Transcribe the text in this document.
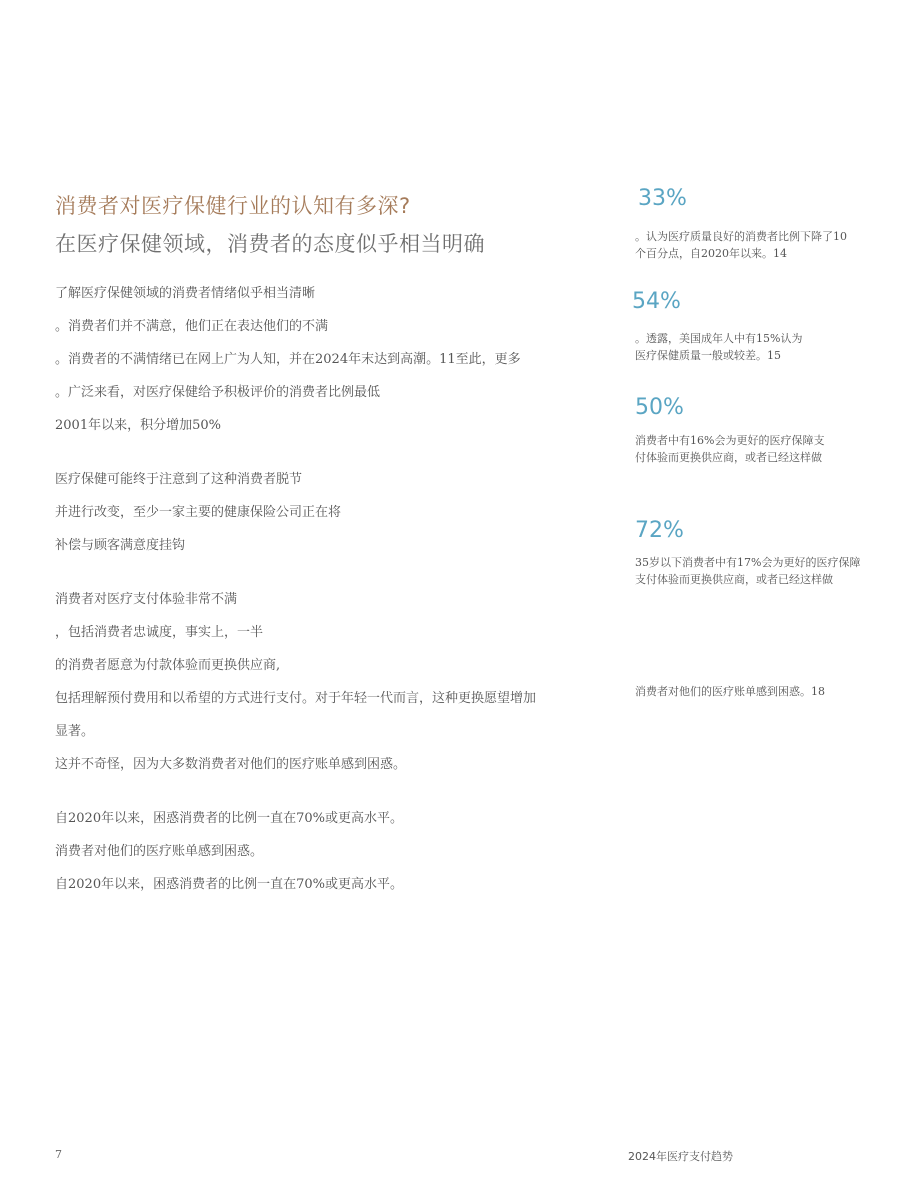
消费者对医疗保健行业的认知有多深?
在医疗保健领域，消费者的态度似乎相当明确
了解医疗保健领域的消费者情绪似乎相当清晰
。消费者们并不满意，他们正在表达他们的不满
。消费者的不满情绪已在网上广为人知，并在2024年末达到高潮。11至此，更多
。广泛来看，对医疗保健给予积极评价的消费者比例最低
2001年以来，积分增加50%
医疗保健可能终于注意到了这种消费者脱节
并进行改变，至少一家主要的健康保险公司正在将
补偿与顾客满意度挂钩
消费者对医疗支付体验非常不满
，包括消费者忠诚度，事实上，一半
的消费者愿意为付款体验而更换供应商,
包括理解预付费用和以希望的方式进行支付。对于年轻一代而言，这种更换愿望增加
显著。
这并不奇怪，因为大多数消费者对他们的医疗账单感到困惑。
自2020年以来，困惑消费者的比例一直在70%或更高水平。
消费者对他们的医疗账单感到困惑。
自2020年以来，困惑消费者的比例一直在70%或更高水平。
33%
。认为医疗质量良好的消费者比例下降了10
个百分点，自2020年以来。14
54%
。透露，美国成年人中有15%认为
医疗保健质量一般或较差。15
50%
消费者中有16%会为更好的医疗保障支
付体验而更换供应商，或者已经这样做
72%
35岁以下消费者中有17%会为更好的医疗保障
支付体验而更换供应商，或者已经这样做
消费者对他们的医疗账单感到困惑。18
7	2024年医疗支付趋势
